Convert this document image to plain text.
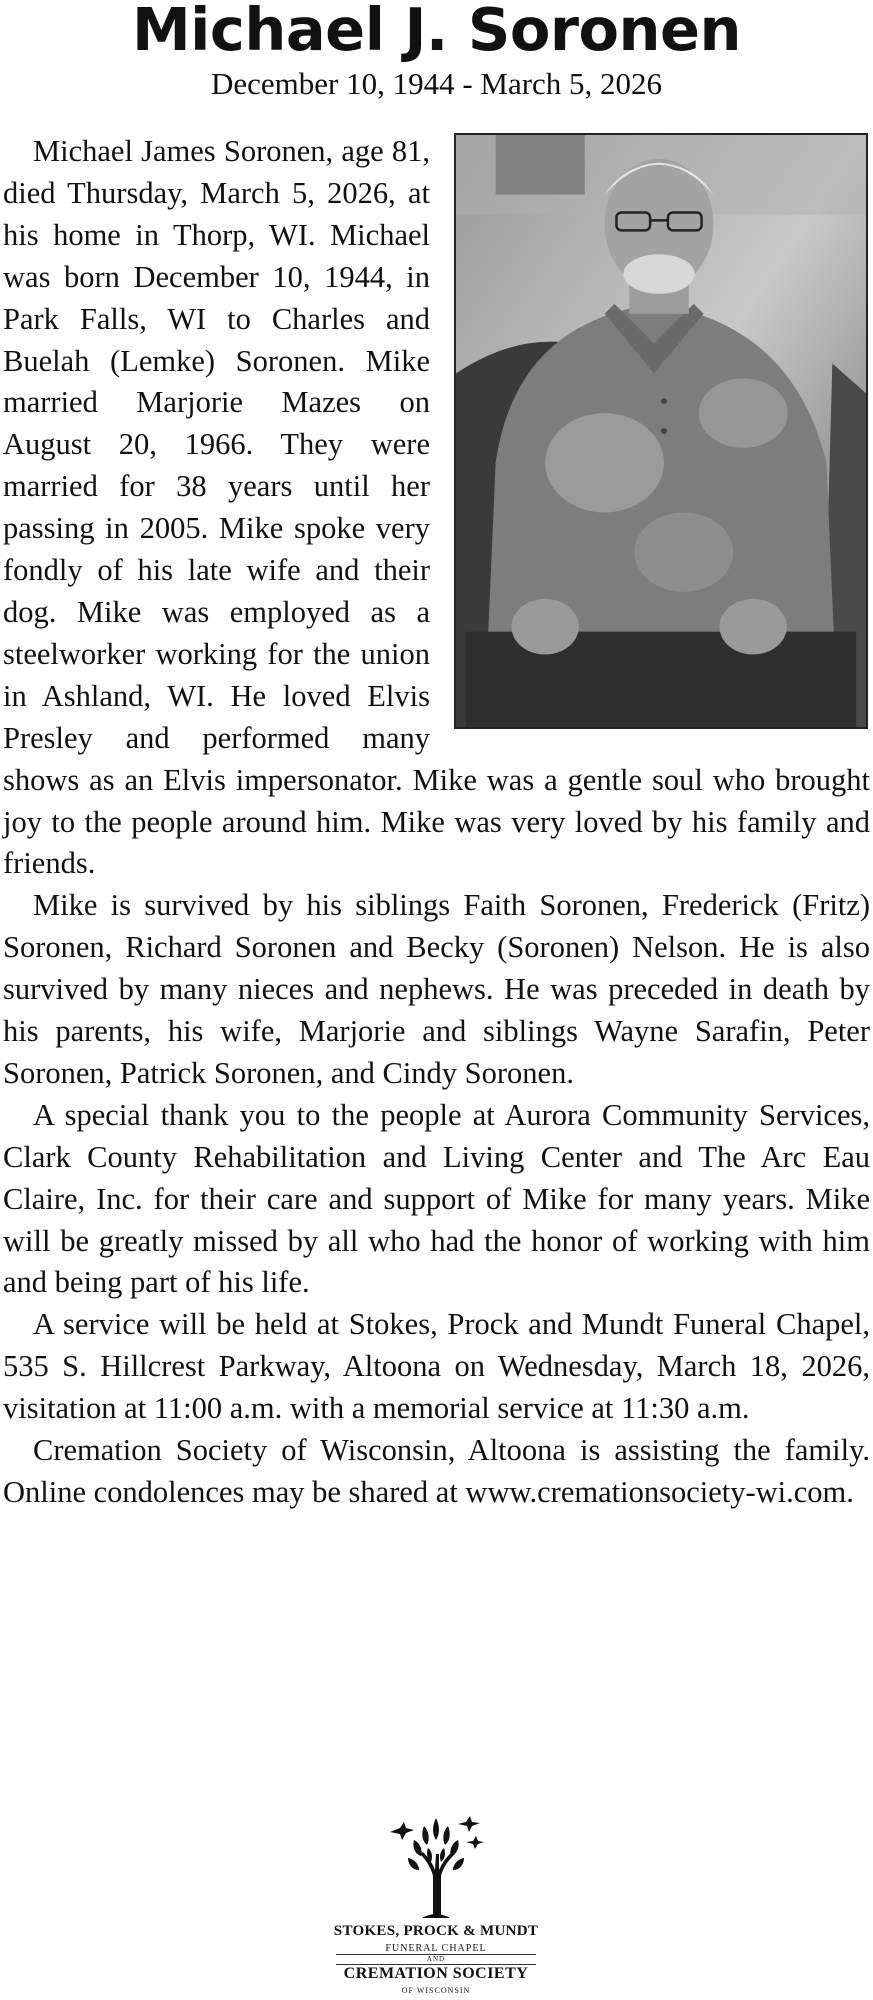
Michael J. Soronen
December 10, 1944 - March 5, 2026

Michael James Soronen, age 81, died Thursday, March 5, 2026, at his home in Thorp, WI. Michael was born December 10, 1944, in Park Falls, WI to Charles and Buelah (Lemke) Soronen. Mike married Marjorie Mazes on August 20, 1966. They were married for 38 years until her passing in 2005. Mike spoke very fondly of his late wife and their dog. Mike was employed as a steelworker working for the union in Ashland, WI. He loved Elvis Presley and performed many shows as an Elvis impersonator. Mike was a gentle soul who brought joy to the people around him. Mike was very loved by his family and friends.

Mike is survived by his siblings Faith Soronen, Frederick (Fritz) Soronen, Richard Soronen and Becky (Soronen) Nelson. He is also survived by many nieces and nephews. He was preceded in death by his parents, his wife, Marjorie and siblings Wayne Sarafin, Peter Soronen, Patrick Soronen, and Cindy Soronen.

A special thank you to the people at Aurora Community Services, Clark County Rehabilitation and Living Center and The Arc Eau Claire, Inc. for their care and support of Mike for many years. Mike will be greatly missed by all who had the honor of working with him and being part of his life.

A service will be held at Stokes, Prock and Mundt Funeral Chapel, 535 S. Hillcrest Parkway, Altoona on Wednesday, March 18, 2026, visitation at 11:00 a.m. with a memorial service at 11:30 a.m.

Cremation Society of Wisconsin, Altoona is assisting the family. Online condolences may be shared at www.cremationsociety-wi.com.

STOKES, PROCK & MUNDT
FUNERAL CHAPEL
AND
CREMATION SOCIETY
OF WISCONSIN
